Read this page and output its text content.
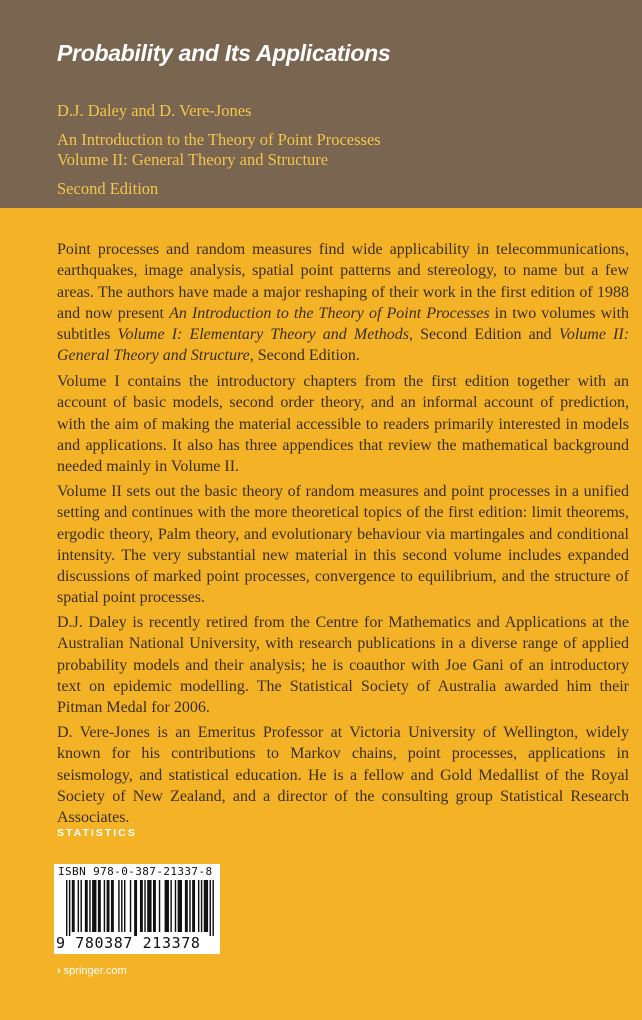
Probability and Its Applications
D.J. Daley and D. Vere-Jones
An Introduction to the Theory of Point Processes
Volume II: General Theory and Structure
Second Edition

Point processes and random measures find wide applicability in telecommunications, earthquakes, image analysis, spatial point patterns and stereology, to name but a few areas. The authors have made a major reshaping of their work in the first edition of 1988 and now present An Introduction to the Theory of Point Processes in two volumes with subtitles Volume I: Elementary Theory and Methods, Second Edition and Volume II: General Theory and Structure, Second Edition.

Volume I contains the introductory chapters from the first edition together with an account of basic models, second order theory, and an informal account of prediction, with the aim of making the material accessible to readers primarily interested in models and applications. It also has three appendices that review the mathematical background needed mainly in Volume II.

Volume II sets out the basic theory of random measures and point processes in a unified setting and continues with the more theoretical topics of the first edition: limit theorems, ergodic theory, Palm theory, and evolutionary behaviour via martingales and conditional intensity. The very substantial new material in this second volume includes expanded discussions of marked point processes, convergence to equilibrium, and the structure of spatial point processes.

D.J. Daley is recently retired from the Centre for Mathematics and Applications at the Australian National University, with research publications in a diverse range of applied probability models and their analysis; he is coauthor with Joe Gani of an introductory text on epidemic modelling. The Statistical Society of Australia awarded him their Pitman Medal for 2006.

D. Vere-Jones is an Emeritus Professor at Victoria University of Wellington, widely known for his contributions to Markov chains, point processes, applications in seismology, and statistical education. He is a fellow and Gold Medallist of the Royal Society of New Zealand, and a director of the consulting group Statistical Research Associates.

STATISTICS
ISBN 978-0-387-21337-8
9 780387 213378
› springer.com
